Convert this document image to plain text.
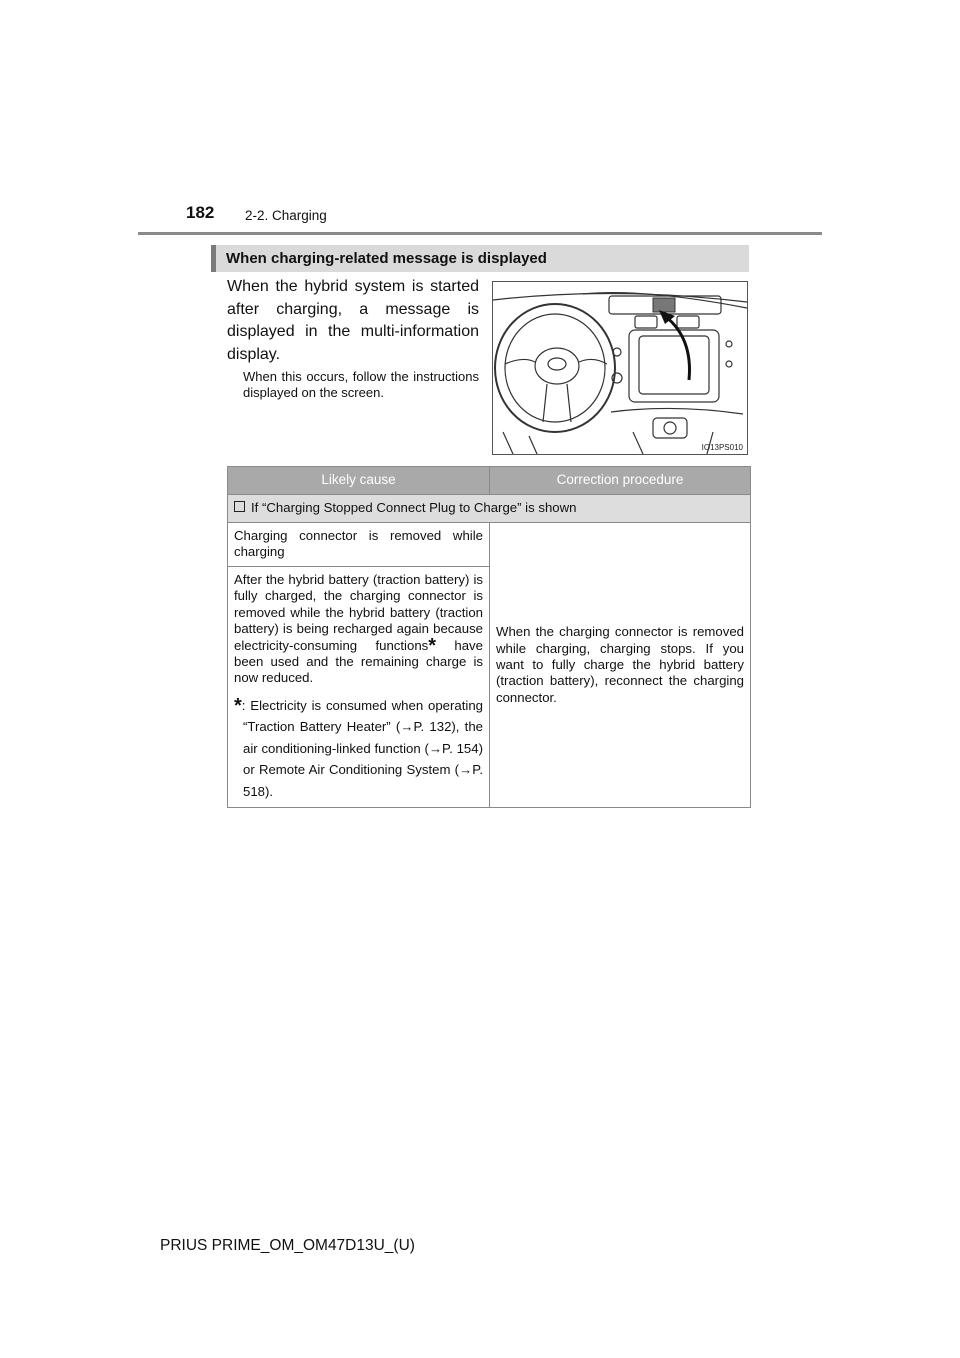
182 2-2. Charging
When charging-related message is displayed

When the hybrid system is started after charging, a message is displayed in the multi-information display.

When this occurs, follow the instructions displayed on the screen.

IO13PS010
Likely cause	Correction procedure
If “Charging Stopped Connect Plug to Charge” is shown	
Charging connector is removed while charging	When the charging connector is removed while charging, charging stops. If you want to fully charge the hybrid battery (traction battery), reconnect the charging connector.

After the hybrid battery (traction battery) is fully charged, the charging connector is removed while the hybrid battery (traction battery) is being recharged again because electricity-consuming functions* have been used and the remaining charge is now reduced.
*: Electricity is consumed when operating “Traction Battery Heater” (→P. 132), the air conditioning-linked function (→P. 154) or Remote Air Conditioning System (→P. 518).	
PRIUS PRIME_OM_OM47D13U_(U)
